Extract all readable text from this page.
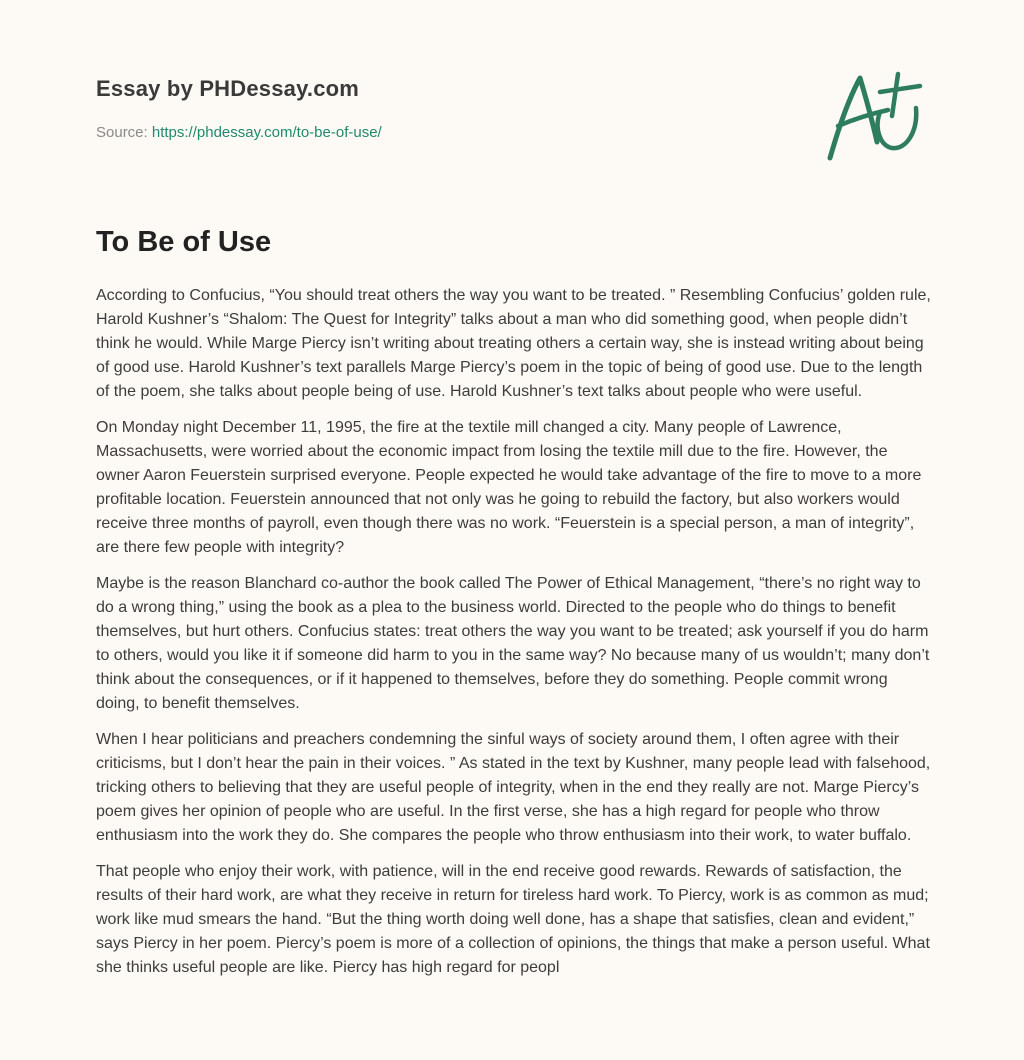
Essay by PHDessay.com
Source: https://phdessay.com/to-be-of-use/
To Be of Use

According to Confucius, “You should treat others the way you want to be treated. ” Resembling Confucius’ golden rule, Harold Kushner’s “Shalom: The Quest for Integrity” talks about a man who did something good, when people didn’t think he would. While Marge Piercy isn’t writing about treating others a certain way, she is instead writing about being of good use. Harold Kushner’s text parallels Marge Piercy’s poem in the topic of being of good use. Due to the length of the poem, she talks about people being of use. Harold Kushner’s text talks about people who were useful.

On Monday night December 11, 1995, the fire at the textile mill changed a city. Many people of Lawrence, Massachusetts, were worried about the economic impact from losing the textile mill due to the fire. However, the owner Aaron Feuerstein surprised everyone. People expected he would take advantage of the fire to move to a more profitable location. Feuerstein announced that not only was he going to rebuild the factory, but also workers would receive three months of payroll, even though there was no work. “Feuerstein is a special person, a man of integrity”, are there few people with integrity?

Maybe is the reason Blanchard co-author the book called The Power of Ethical Management, “there’s no right way to do a wrong thing,” using the book as a plea to the business world. Directed to the people who do things to benefit themselves, but hurt others. Confucius states: treat others the way you want to be treated; ask yourself if you do harm to others, would you like it if someone did harm to you in the same way? No because many of us wouldn’t; many don’t think about the consequences, or if it happened to themselves, before they do something. People commit wrong doing, to benefit themselves.

When I hear politicians and preachers condemning the sinful ways of society around them, I often agree with their criticisms, but I don’t hear the pain in their voices. ” As stated in the text by Kushner, many people lead with falsehood, tricking others to believing that they are useful people of integrity, when in the end they really are not. Marge Piercy’s poem gives her opinion of people who are useful. In the first verse, she has a high regard for people who throw enthusiasm into the work they do. She compares the people who throw enthusiasm into their work, to water buffalo.

That people who enjoy their work, with patience, will in the end receive good rewards. Rewards of satisfaction, the results of their hard work, are what they receive in return for tireless hard work. To Piercy, work is as common as mud; work like mud smears the hand. “But the thing worth doing well done, has a shape that satisfies, clean and evident,” says Piercy in her poem. Piercy’s poem is more of a collection of opinions, the things that make a person useful. What she thinks useful people are like. Piercy has high regard for peopl
